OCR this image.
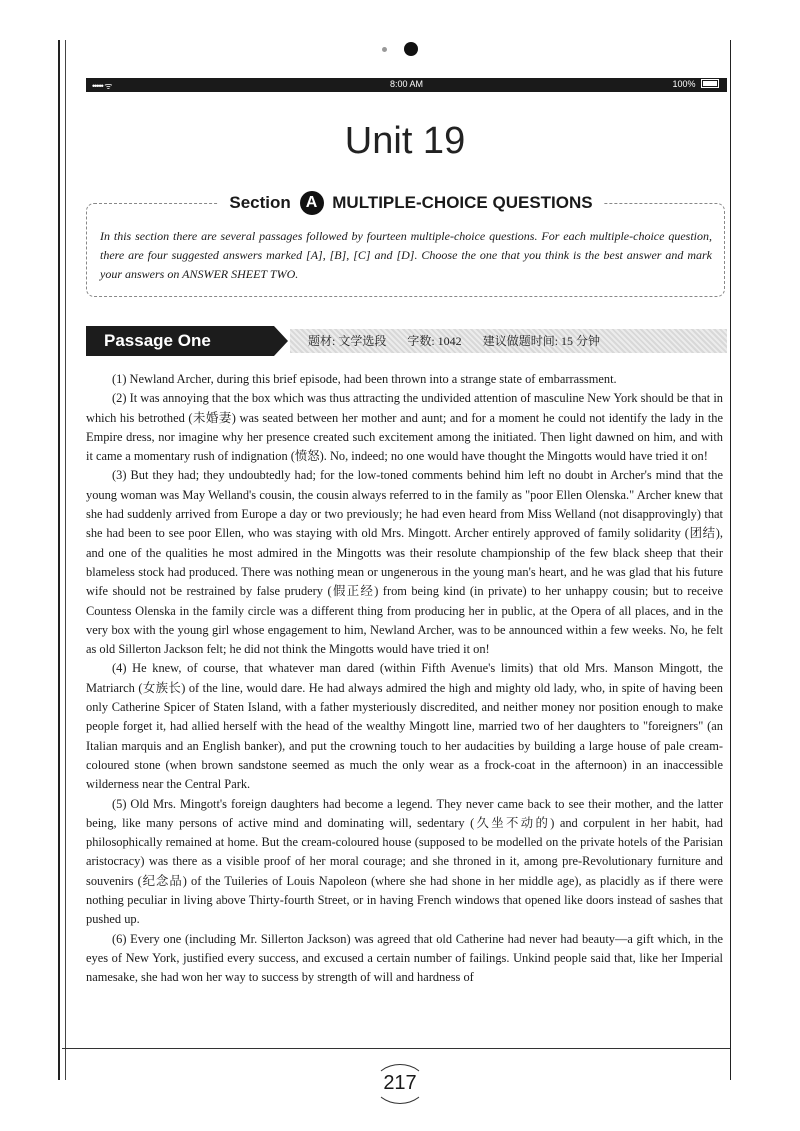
••••• ᯤ	8:00 AM	100%
Unit 19
Section A MULTIPLE-CHOICE QUESTIONS
In this section there are several passages followed by fourteen multiple-choice questions. For each multiple-choice question, there are four suggested answers marked [A], [B], [C] and [D]. Choose the one that you think is the best answer and mark your answers on ANSWER SHEET TWO.
Passage One	题材: 文学选段 字数: 1042 建议做题时间: 15 分钟

(1) Newland Archer, during this brief episode, had been thrown into a strange state of embarrassment.

(2) It was annoying that the box which was thus attracting the undivided attention of masculine New York should be that in which his betrothed (未婚妻) was seated between her mother and aunt; and for a moment he could not identify the lady in the Empire dress, nor imagine why her presence created such excitement among the initiated. Then light dawned on him, and with it came a momentary rush of indignation (愤怒). No, indeed; no one would have thought the Mingotts would have tried it on!

(3) But they had; they undoubtedly had; for the low-toned comments behind him left no doubt in Archer's mind that the young woman was May Welland's cousin, the cousin always referred to in the family as "poor Ellen Olenska." Archer knew that she had suddenly arrived from Europe a day or two previously; he had even heard from Miss Welland (not disapprovingly) that she had been to see poor Ellen, who was staying with old Mrs. Mingott. Archer entirely approved of family solidarity (团结), and one of the qualities he most admired in the Mingotts was their resolute championship of the few black sheep that their blameless stock had produced. There was nothing mean or ungenerous in the young man's heart, and he was glad that his future wife should not be restrained by false prudery (假正经) from being kind (in private) to her unhappy cousin; but to receive Countess Olenska in the family circle was a different thing from producing her in public, at the Opera of all places, and in the very box with the young girl whose engagement to him, Newland Archer, was to be announced within a few weeks. No, he felt as old Sillerton Jackson felt; he did not think the Mingotts would have tried it on!

(4) He knew, of course, that whatever man dared (within Fifth Avenue's limits) that old Mrs. Manson Mingott, the Matriarch (女族长) of the line, would dare. He had always admired the high and mighty old lady, who, in spite of having been only Catherine Spicer of Staten Island, with a father mysteriously discredited, and neither money nor position enough to make people forget it, had allied herself with the head of the wealthy Mingott line, married two of her daughters to "foreigners" (an Italian marquis and an English banker), and put the crowning touch to her audacities by building a large house of pale cream-coloured stone (when brown sandstone seemed as much the only wear as a frock-coat in the afternoon) in an inaccessible wilderness near the Central Park.

(5) Old Mrs. Mingott's foreign daughters had become a legend. They never came back to see their mother, and the latter being, like many persons of active mind and dominating will, sedentary (久坐不动的) and corpulent in her habit, had philosophically remained at home. But the cream-coloured house (supposed to be modelled on the private hotels of the Parisian aristocracy) was there as a visible proof of her moral courage; and she throned in it, among pre-Revolutionary furniture and souvenirs (纪念品) of the Tuileries of Louis Napoleon (where she had shone in her middle age), as placidly as if there were nothing peculiar in living above Thirty-fourth Street, or in having French windows that opened like doors instead of sashes that pushed up.

(6) Every one (including Mr. Sillerton Jackson) was agreed that old Catherine had never had beauty—a gift which, in the eyes of New York, justified every success, and excused a certain number of failings. Unkind people said that, like her Imperial namesake, she had won her way to success by strength of will and hardness of

217
